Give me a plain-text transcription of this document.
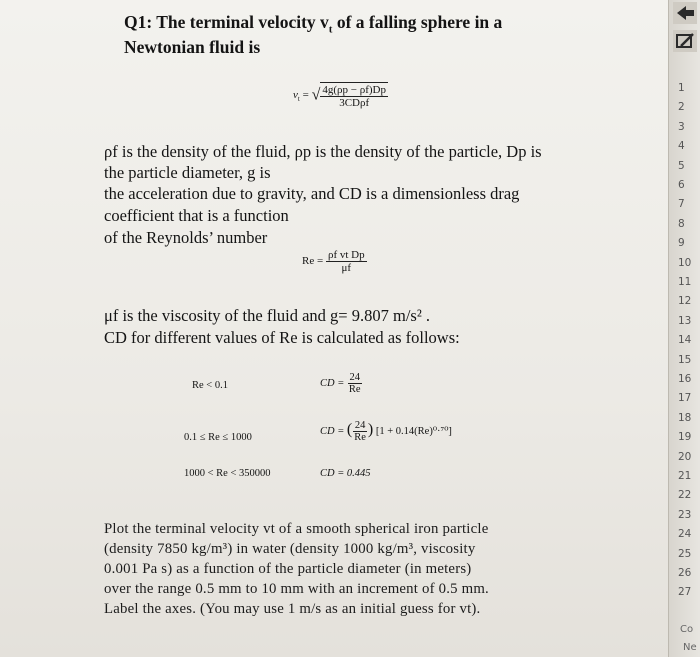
Q1: The terminal velocity $v_t$ of a falling sphere in a
Newtonian fluid is
$v_t$ = √ $\frac{4g(\rho p - \rho f)Dp}{\text{3CDρf}}$
ρf is the density of the fluid, ρp is the density of the particle, Dp is
the particle diameter, g is
the acceleration due to gravity, and CD is a dimensionless drag
coefficient that is a function
of the Reynolds’ number
$Re = \frac{\text{ρf vt Dp}}{\mu f}$
μf is the viscosity of the fluid and g= 9.807 m/s² .
CD for different values of Re is calculated as follows:
Re < 0.1	CD = $\frac{24}{Re}$
0.1 ≤ Re ≤ 1000
CD = ( $\frac{24}{Re}$ ) [1 + 0.14(Re)⁰·⁷⁰]
1000 < Re < 350000	CD = 0.445
Plot the terminal velocity vt of a smooth spherical iron particle
(density 7850 kg/m³) in water (density 1000 kg/m³, viscosity
0.001 Pa s) as a function of the particle diameter (in meters)
over the range 0.5 mm to 10 mm with an increment of 0.5 mm.
Label the axes. (You may use 1 m/s as an initial guess for vt).
1
2
3
4
5
6
7
8
9
10
11
12
13
14
15
16
17
18
19
20
21
22
23
24
25
26
27
Co
Ne
